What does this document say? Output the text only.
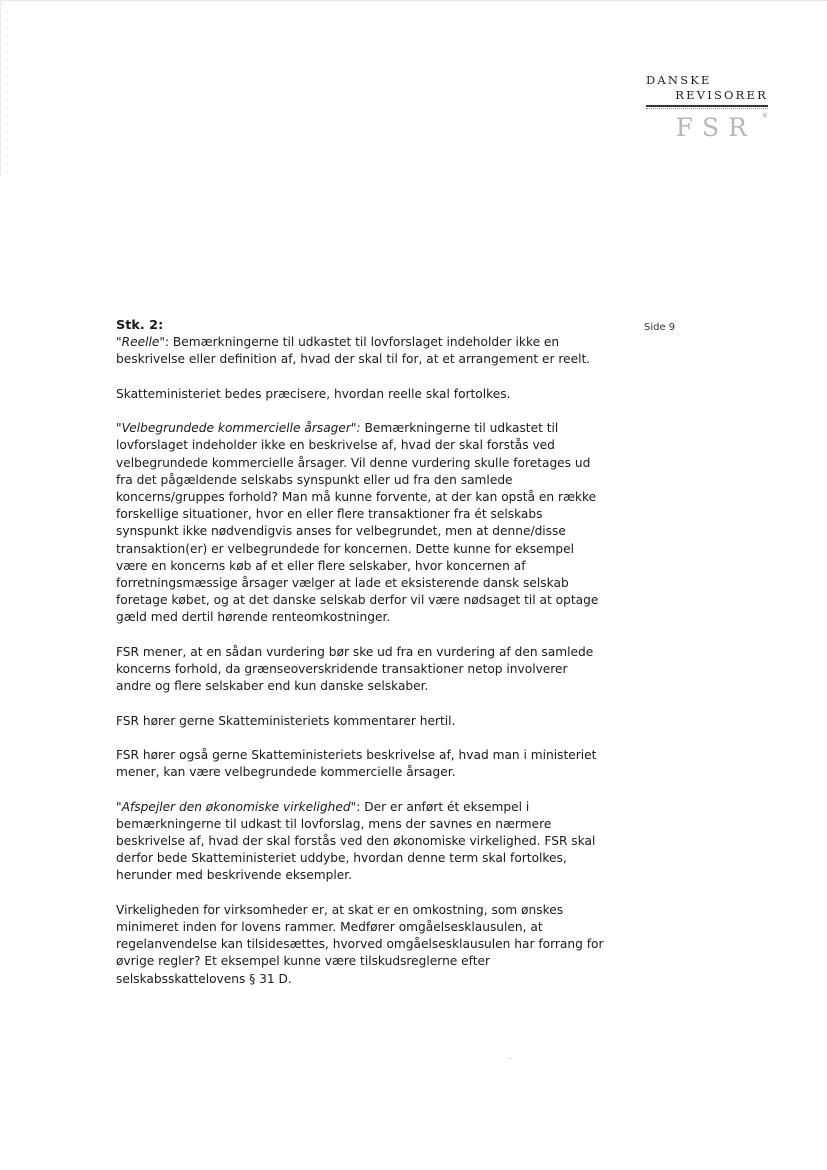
DANSKE
REVISORER
FSR *
Side 9
Stk. 2:

"Reelle": Bemærkningerne til udkastet til lovforslaget indeholder ikke en beskrivelse eller definition af, hvad der skal til for, at et arrangement er reelt.

Skatteministeriet bedes præcisere, hvordan reelle skal fortolkes.

"Velbegrundede kommercielle årsager": Bemærkningerne til udkastet til lovforslaget indeholder ikke en beskrivelse af, hvad der skal forstås ved velbegrundede kommercielle årsager. Vil denne vurdering skulle foretages ud fra det pågældende selskabs synspunkt eller ud fra den samlede koncerns/gruppes forhold? Man må kunne forvente, at der kan opstå en række forskellige situationer, hvor en eller flere transaktioner fra ét selskabs synspunkt ikke nødvendigvis anses for velbegrundet, men at denne/disse transaktion(er) er velbegrundede for koncernen. Dette kunne for eksempel være en koncerns køb af et eller flere selskaber, hvor koncernen af forretningsmæssige årsager vælger at lade et eksisterende dansk selskab foretage købet, og at det danske selskab derfor vil være nødsaget til at optage gæld med dertil hørende renteomkostninger.

FSR mener, at en sådan vurdering bør ske ud fra en vurdering af den samlede koncerns forhold, da grænseoverskridende transaktioner netop involverer andre og flere selskaber end kun danske selskaber.

FSR hører gerne Skatteministeriets kommentarer hertil.

FSR hører også gerne Skatteministeriets beskrivelse af, hvad man i ministeriet mener, kan være velbegrundede kommercielle årsager.

"Afspejler den økonomiske virkelighed": Der er anført ét eksempel i bemærkningerne til udkast til lovforslag, mens der savnes en nærmere beskrivelse af, hvad der skal forstås ved den økonomiske virkelighed. FSR skal derfor bede Skatteministeriet uddybe, hvordan denne term skal fortolkes, herunder med beskrivende eksempler.

Virkeligheden for virksomheder er, at skat er en omkostning, som ønskes minimeret inden for lovens rammer. Medfører omgåelsesklausulen, at regelanvendelse kan tilsidesættes, hvorved omgåelsesklausulen har forrang for øvrige regler? Et eksempel kunne være tilskudsreglerne efter selskabsskattelovens § 31 D.
